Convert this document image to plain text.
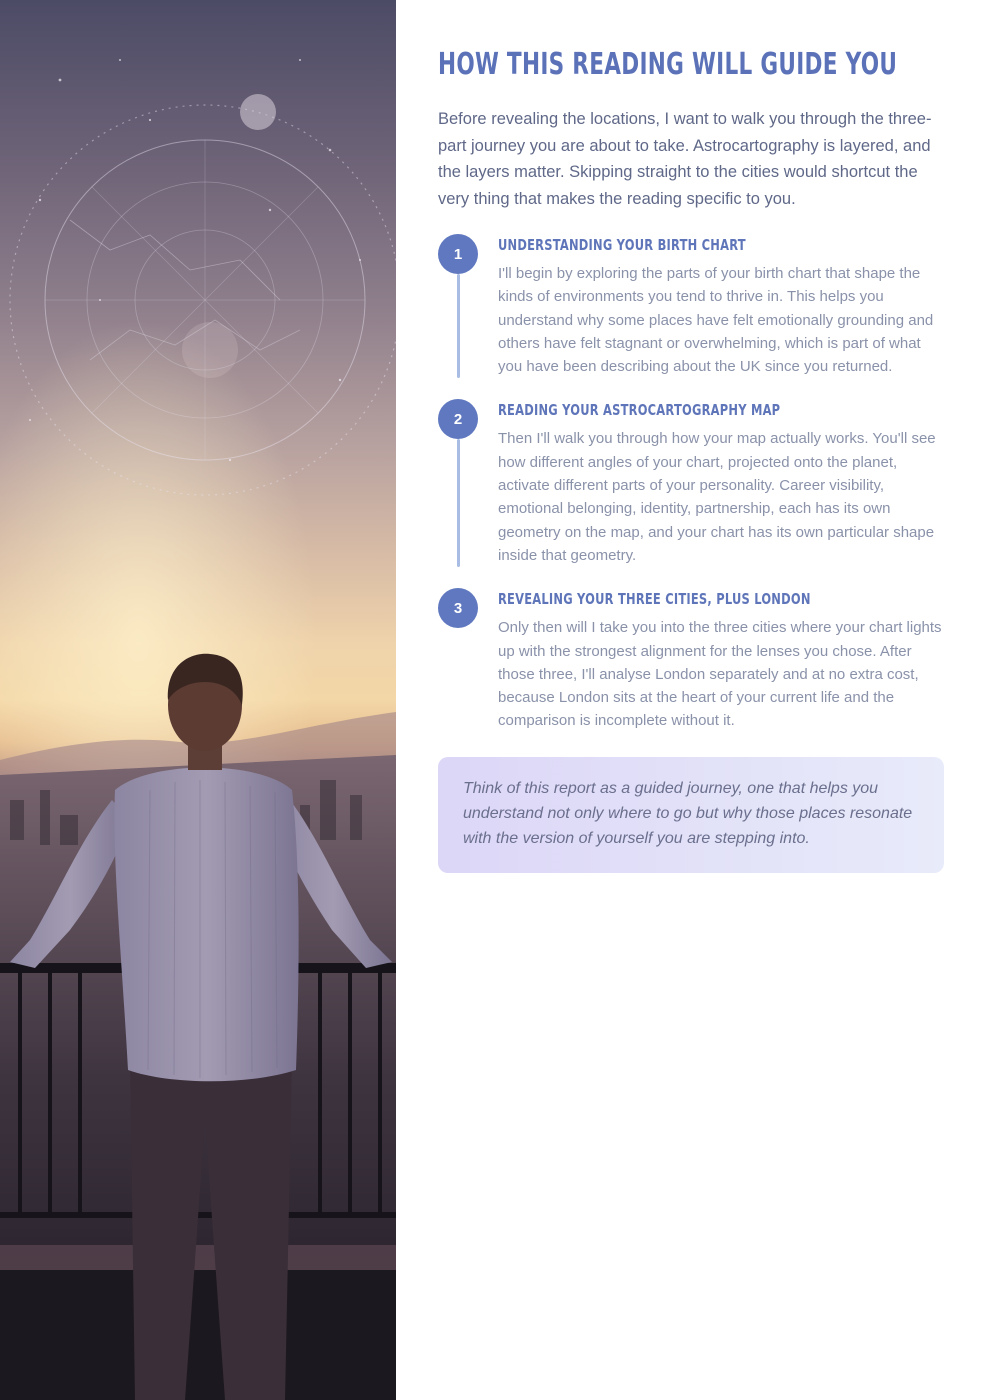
HOW THIS READING WILL GUIDE YOU

Before revealing the locations, I want to walk you through the three-part journey you are about to take. Astrocartography is layered, and the layers matter. Skipping straight to the cities would shortcut the very thing that makes the reading specific to you.

1	UNDERSTANDING YOUR BIRTH CHART

I'll begin by exploring the parts of your birth chart that shape the kinds of environments you tend to thrive in. This helps you understand why some places have felt emotionally grounding and others have felt stagnant or overwhelming, which is part of what you have been describing about the UK since you returned.

2	READING YOUR ASTROCARTOGRAPHY MAP

Then I'll walk you through how your map actually works. You'll see how different angles of your chart, projected onto the planet, activate different parts of your personality. Career visibility, emotional belonging, identity, partnership, each has its own geometry on the map, and your chart has its own particular shape inside that geometry.

3	REVEALING YOUR THREE CITIES, PLUS LONDON

Only then will I take you into the three cities where your chart lights up with the strongest alignment for the lenses you chose. After those three, I'll analyse London separately and at no extra cost, because London sits at the heart of your current life and the comparison is incomplete without it.

Think of this report as a guided journey, one that helps you understand not only where to go but why those places resonate with the version of yourself you are stepping into.
